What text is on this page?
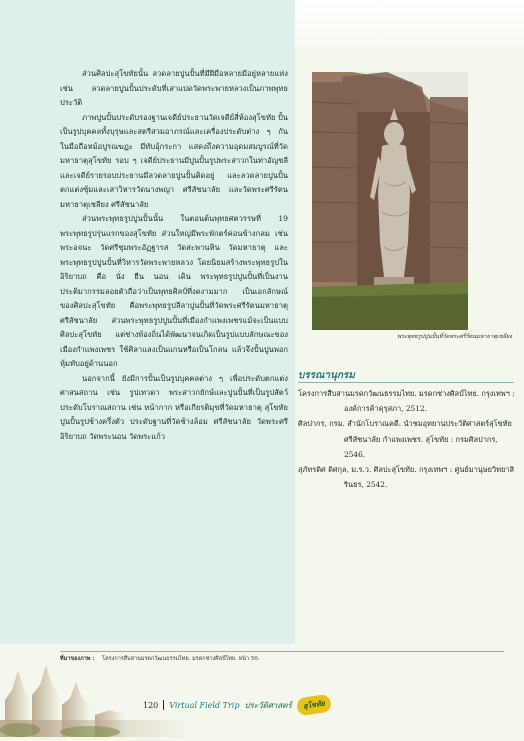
ส่วนศิลปะสุโขทัยนั้น ลวดลายปูนปั้นที่มีฝีมือหลายมีอยู่หลายแห่ง เช่น ลวดลายปูนปั้นประดับที่เสาแปดวัดพระพายหลวงเป็นภาพพุทธประวัติ

ภาพปูนปั้นประดับรองฐานเจดีย์ประธานวัดเจดีย์สี่ห้องสุโขทัย ปั้นเป็นรูปบุคคลทั้งบุรุษและสตรีสวมอาภรณ์และเครื่องประดับต่าง ๆ กัน ในมือถือหม้อปูรณฆฏะ มีทับอุ้กระกา แสดงถึงความอุดมสมบูรณ์ที่วัดมหาธาตุสุโขทัย รอบ ๆ เจดีย์ประธานมีปูนปั้นรูปพระสาวกในท่าอัญชลี และเจดีย์รายรอบประธานมีลวดลายปูนปั้นติดอยู่ และลวดลายปูนปั้นตกแต่งซุ้มและเสาวิหารวัดนางพญา ศรีสัชนาลัย และวัดพระศรีรัตนมหาธาตุเชลียง ศรีสัชนาลัย

ส่วนพระพุทธรูปปูนปั้นนั้น ในตอนต้นพุทธศตวรรษที่ 19 พระพุทธรูปรุ่นแรกของสุโขทัย ส่วนใหญ่มีพระพักตร์ค่อนข้างกลม เช่น พระอจนะ วัดศรีชุมพระอัฏฐารส วัดสะพานหิน วัดมหาธาตุ และพระพุทธรูปปูนปั้นที่วิหารวัดพระพายหลวง โดยนิยมสร้างพระพุทธรูปในอิริยาบถ คือ นั่ง ยืน นอน เดิน พระพุทธรูปปูนปั้นที่เป็นงานประติมากรรมลอยตัวถือว่าเป็นพุทธศิลป์ที่งดงามมาก เป็นเอกลักษณ์ของศิลปะสุโขทัย คือพระพุทธรูปลีลาปูนปั้นที่วัดพระศรีรัตนมหาธาตุ ศรีสัชนาลัย ส่วนพระพุทธรูปปูนปั้นที่เมืองกำแพงเพชรแม้จะเป็นแบบศิลปะสุโขทัย แต่ช่างท้องถิ่นได้พัฒนาจนเกิดเป็นรูปแบบลักษณะของเมืองกำแพงเพชร ใช้ศิลาแลงเป็นแกนหรือเป็นโกลน แล้วจึงปั้นปูนพอกหุ้มทับอยู่ด้านนอก

นอกจากนี้ ยังมีการปั้นเป็นรูปบุคคลต่าง ๆ เพื่อประดับตกแต่งศาสนสถาน เช่น รูปเทวดา พระสาวกยักษ์และปูนปั้นที่เป็นรูปสัตว์ประดับโบราณสถาน เช่น หน้ากาก หรือเกียรติมุขที่วัดมหาธาตุ สุโขทัย ปูนปั้นรูปช้างครึ่งตัว ประดับฐานที่วัดช้างล้อม ศรีสัชนาลัย วัดพระศรีอิริยาบถ วัดพระนอน วัดพระแก้ว

พระพุทธรูปปูนปั้นที่วัดพระศรีรัตนมหาธาตุเชลียง
บรรณานุกรม

โครงการสืบสานมรดกวัฒนธรรมไทย. มรดกช่างศิลป์ไทย. กรุงเทพฯ : องค์การค้าคุรุสภา, 2512.

ศิลปากร, กรม. สำนักโบราณคดี. นำชมอุทยานประวัติศาสตร์สุโขทัยศรีสัชนาลัย กำแพงเพชร. สุโขทัย : กรมศิลปากร, 2546.

สุภัทรดิศ ดิศกุล, ม.ร.ว. ศิลปะสุโขทัย. กรุงเทพฯ : ศูนย์มานุษยวิทยาสิรินธร, 2542.

ที่มาของภาพ : โครงการสืบสานมรดกวัฒนธรรมไทย. มรดกช่างศิลป์ไทย. หน้า 50.
120 Virtual Field Trip ประวัติศาสตร์	สุโขทัย
